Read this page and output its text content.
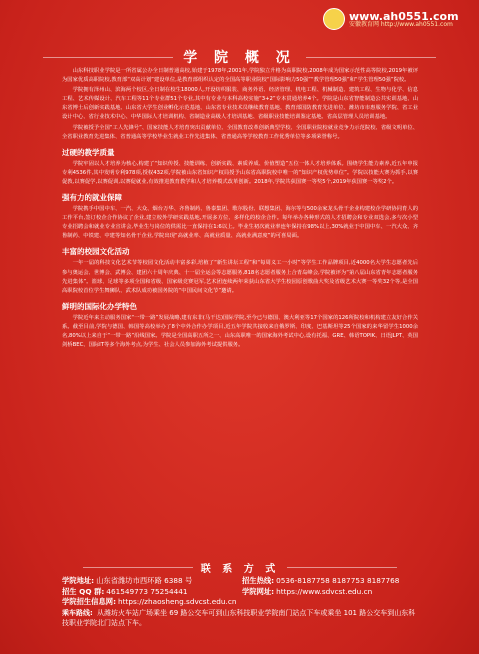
www.ah0551.com
安徽教育网 http://www.ah0551.com
学 院 概 况

山东科技职业学院是一所省属公办全日制普通高校,始建于1978年,2001年,学院独立升格为高职院校,2008年成为国家示范性高等院校,2019年被评为国家优质高职院校,教育部“双高计划”建设单位,是教育部组织认定的全国高等职业院校“国际影响力50强”“教学管理50强”和“学生管理50强”院校。

学院拥有泽州山、滨海两个校区,全日制在校生18000人,开设纺织服装、商务外语、经济管理、机电工程、机械制造、建筑工程、生物与化学、信息工程、艺术传媒设计、汽车工程等11个专业群51个专业,其中有专业与本科高校实施“3+2”专本贯通培养4个。学院是山东省智能制造公共实训基地、山东省博士后创新实践基地、山东省大学生创业孵化示范基地、山东省专业技术员继续教育基地、教育部国防教育先进单位、潍坊市市惠服务学院、省工业设计中心、省行业技术中心、中华国际人才培训机构、省制造业高级人才培训基地、省级职业技能培训鉴定基地、省高层管理人员培训基地。

学院被授予全国“工人先锋号”、国家技能人才培育突出贡献单位、全国教育改革创新典型学校、全国职业院校就业竞争力示范院校、省级文明单位、全省职业教育先进集体、省普通高等学校毕业生就业工作先进集体、省普通高等学校教育工作优秀单位等多项荣誉称号。

过硬的教学质量

学院牢固以人才培养为核心,构建了“知识传授、技能训练、创新实践、素质养成、价值塑造”五位一体人才培养体系。围绕学生能力素养,近五年申报专利4536件,其中发明专利978项,授权432项,学院被山东省知识产权局授予山东省高职院校中唯一的“知识产权优势单位”。学院以技能大赛为抓手,以赛促教,以赛促学,以赛促训,以赛促就业,有效推进教育教学和人才培养模式改革创新。2018年,学院共获国赛一等奖5个,2019年获国赛一等奖2个。

强有力的就业保障

学院携手中国中车、一汽、大众、烟台万华、齐鲁制药、鲁泰集团、歌尔股份、联想集团、海尔等与500余家龙头骨干企业构建校企学研协同育人的工作平台,签订校企合作协议了企业,建立校外学研实践基地,开展多方位、多样化的校企合作。每年举办各种形式的人才招聘会和专业双选会,多与次小型专业招聘会和就业专业宣讲会,毕业生与岗位的供需比一直保持在1:6以上。毕业生初次就业率连年保持在98%以上,30%就业于中国中车、一汽大众、齐鲁制药、中铁建、中建等知名骨干企业,学院出现“高就业率、高就业质量、高就业满意度”的可喜局面。

丰富的校园文化活动

一年一届的科技文化艺术节等校园文化活动丰富多彩,培植了“新生讲坛工程”和“每周义工一小时”等学生工作品牌项目,近4000名大学生志愿者先后参与奥运会、世博会、武博会、建团六十周年庆典、十一届全运会等志愿服务,818名志愿者服务上合青岛峰会,学院被评为“第八届山东省青年志愿者服务先进集体”。篮球、足球等多项全国和省级、国家级竞赛冠军,艺术团连续两年荣获山东省大学生校园原创歌曲大奖及省级艺术大赛一等奖32个等,是全国高职院校首位学生舞狮队、武术队成功被国务院的“中国民间文化节”邀请。

鲜明的国际化办学特色

学院近年来主动服务国家“一带一路”发展战略,建有东非(马干达)国际学院,至今已与德国、澳大利亚等17个国家的126所院校和机构建立友好合作关系。截至目前,学院与德国、韩国等高校举办了8个中外合作办学项目,近五年学院共接收来自俄罗斯、印度、巴基斯坦等25个国家的来华留学生1000余名,80%以上来自于“一带一路”沿线国家。学院是全国高职五所之一、山东高职唯一的国家海外考试中心,设有托福、GRE、韩语TOPIK、日语JLPT、英国剑桥BEC、国际IT等多个海外考点,为学生、社会人员参加海外考试提供服务。

联 系 方 式
学院地址: 山东省潍坊市西环路 6388 号	招生热线: 0536-8187758 8187753 8187768
招生 QQ 群: 461549773 75254441	学院网址: https://www.sdvcst.edu.cn
学院招生信息网: https://zhaosheng.sdvcst.edu.cn
乘车路线: 从潍坊火车站广场乘坐 69 路公交车可到山东科技职业学院南门站点下车或乘坐 101 路公交车到山东科技职业学院北门站点下车。
